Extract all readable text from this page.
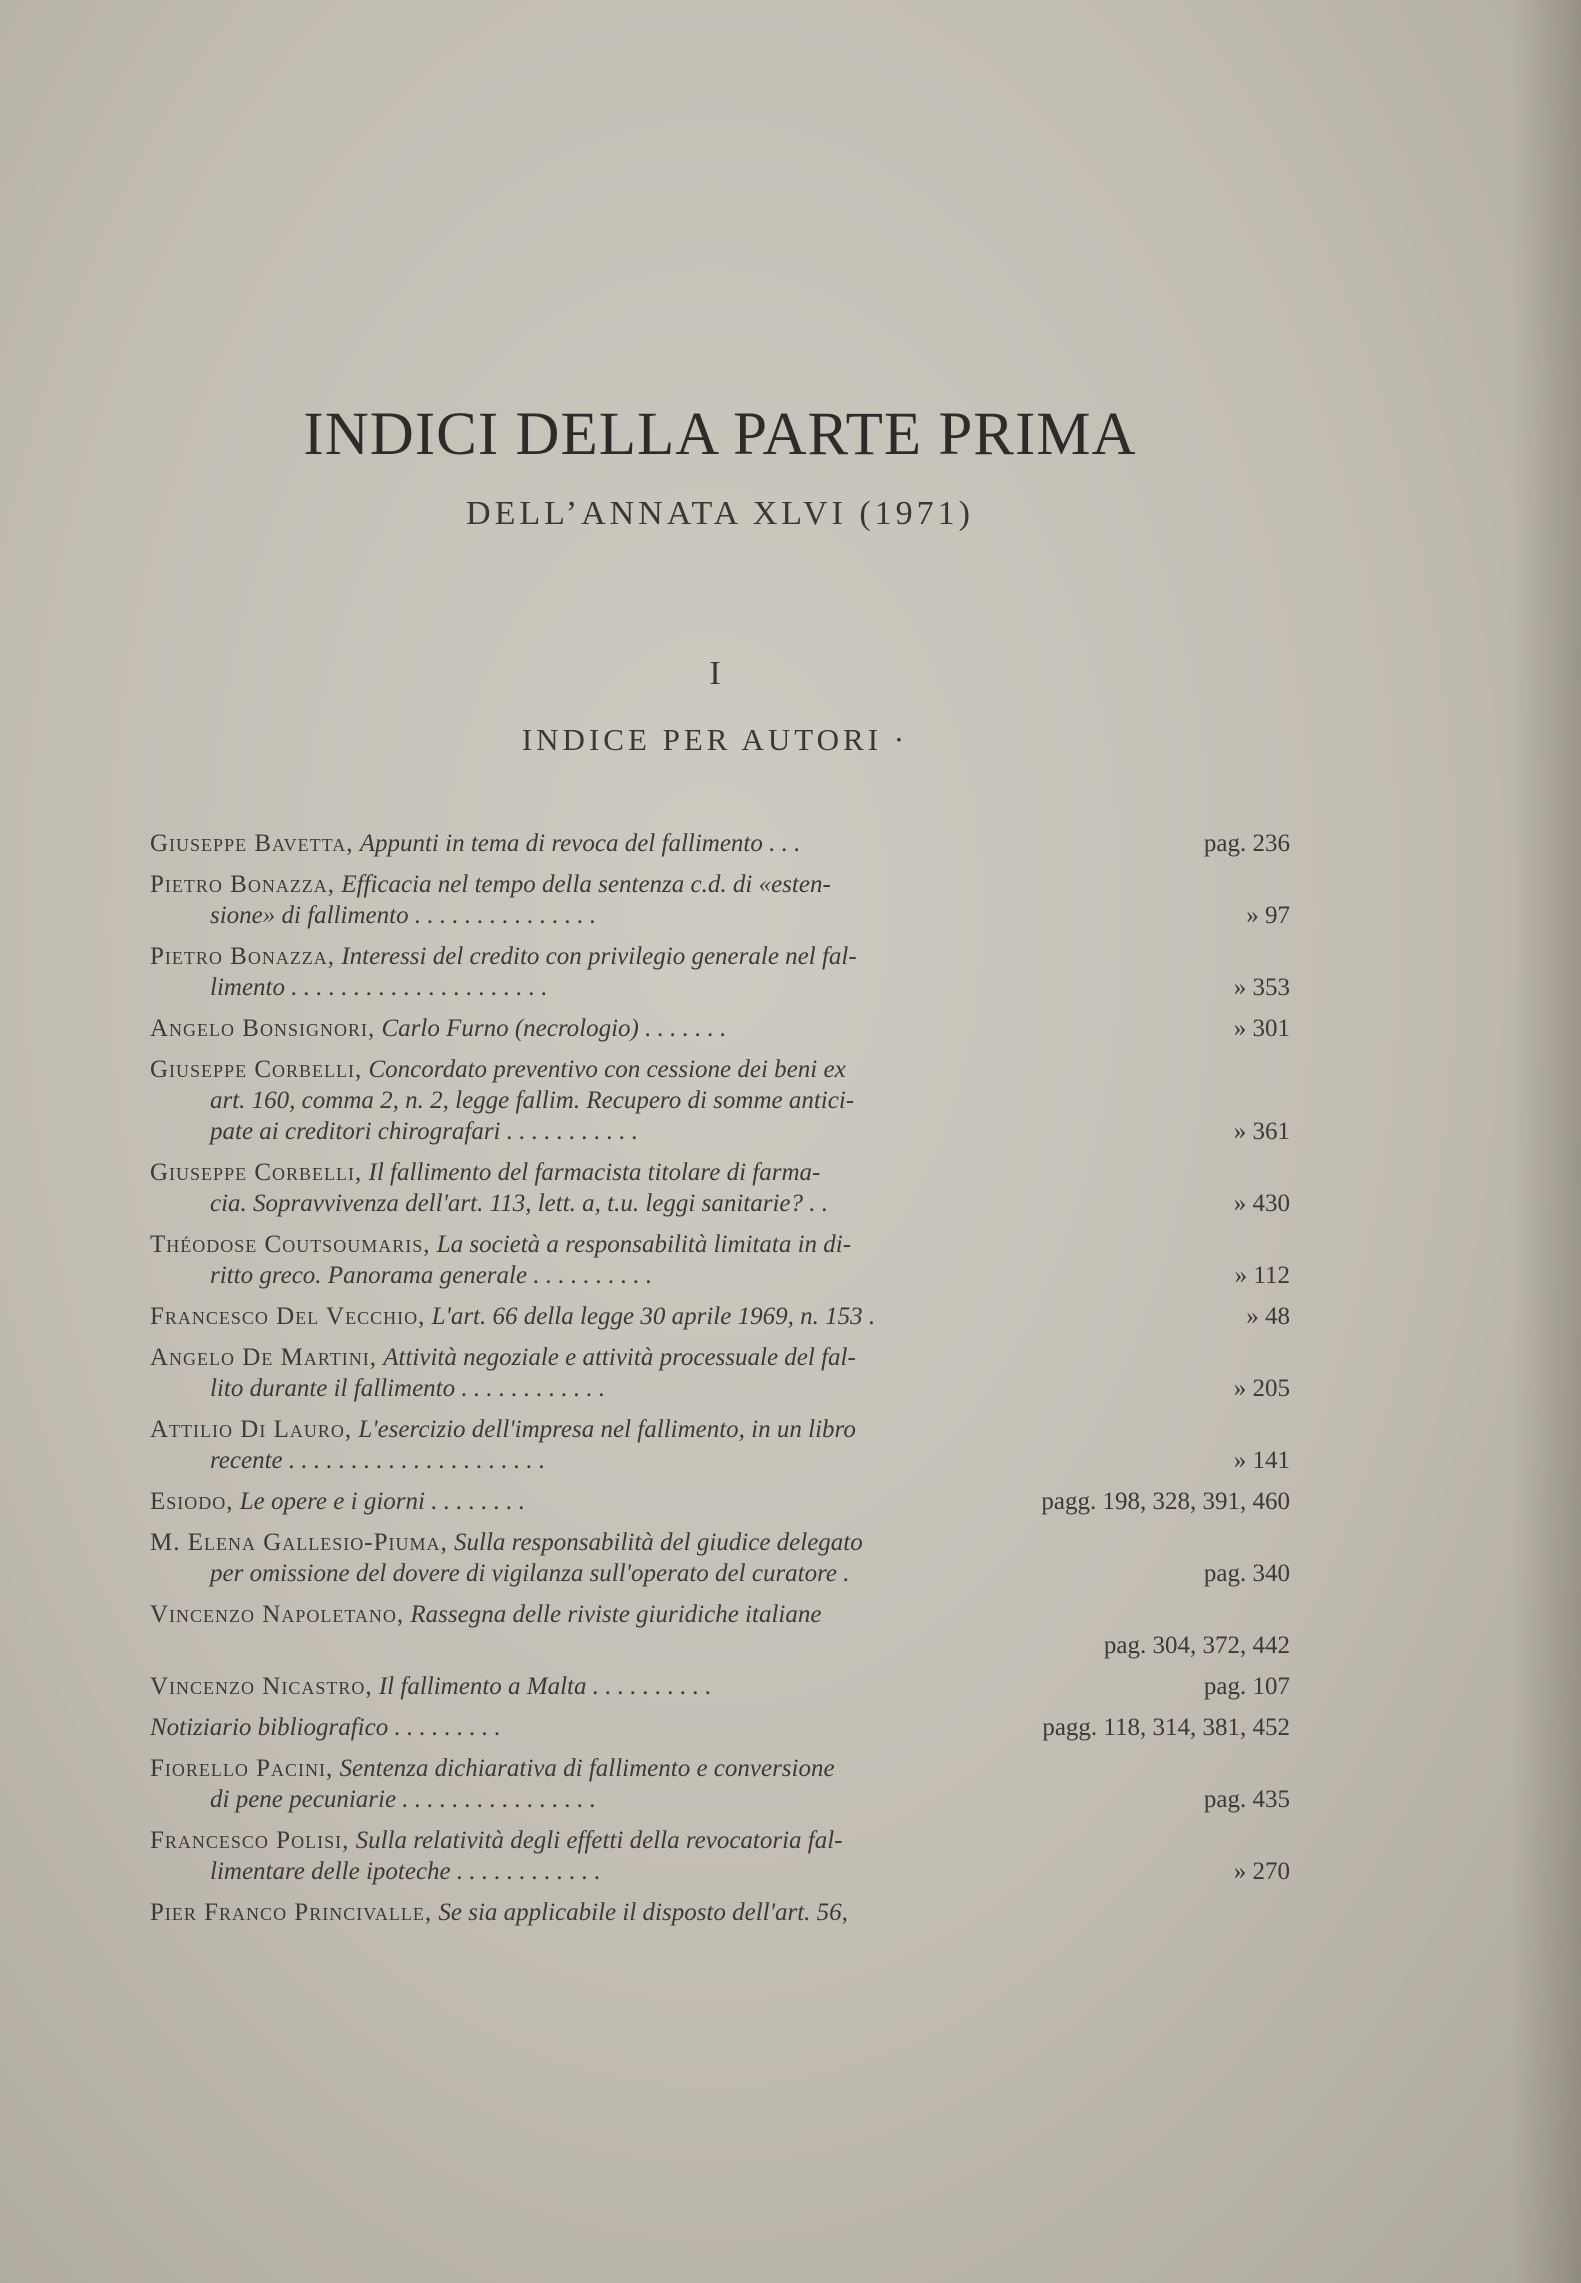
INDICI DELLA PARTE PRIMA
DELL’ANNATA XLVI (1971)
I
INDICE PER AUTORI ·
Giuseppe Bavetta, Appunti in tema di revoca del fallimento . . .	pag. 236
Pietro Bonazza, Efficacia nel tempo della sentenza c.d. di «esten-
sione» di fallimento . . . . . . . . . . . . . . .	» 97
Pietro Bonazza, Interessi del credito con privilegio generale nel fal-
limento . . . . . . . . . . . . . . . . . . . . .	» 353
Angelo Bonsignori, Carlo Furno (necrologio) . . . . . . .	» 301
Giuseppe Corbelli, Concordato preventivo con cessione dei beni ex
art. 160, comma 2, n. 2, legge fallim. Recupero di somme antici-
pate ai creditori chirografari . . . . . . . . . . .	» 361
Giuseppe Corbelli, Il fallimento del farmacista titolare di farma-
cia. Sopravvivenza dell'art. 113, lett. a, t.u. leggi sanitarie? . .	» 430
Théodose Coutsoumaris, La società a responsabilità limitata in di-
ritto greco. Panorama generale . . . . . . . . . .	» 112
Francesco Del Vecchio, L'art. 66 della legge 30 aprile 1969, n. 153 .	» 48
Angelo De Martini, Attività negoziale e attività processuale del fal-
lito durante il fallimento . . . . . . . . . . . .	» 205
Attilio Di Lauro, L'esercizio dell'impresa nel fallimento, in un libro
recente . . . . . . . . . . . . . . . . . . . . .	» 141
Esiodo, Le opere e i giorni . . . . . . . .	pagg. 198, 328, 391, 460
M. Elena Gallesio-Piuma, Sulla responsabilità del giudice delegato
per omissione del dovere di vigilanza sull'operato del curatore .	pag. 340
Vincenzo Napoletano, Rassegna delle riviste giuridiche italiane
pag. 304, 372, 442
Vincenzo Nicastro, Il fallimento a Malta . . . . . . . . . .	pag. 107
Notiziario bibliografico . . . . . . . . .	pagg. 118, 314, 381, 452
Fiorello Pacini, Sentenza dichiarativa di fallimento e conversione
di pene pecuniarie . . . . . . . . . . . . . . . .	pag. 435
Francesco Polisi, Sulla relatività degli effetti della revocatoria fal-
limentare delle ipoteche . . . . . . . . . . . .	» 270
Pier Franco Princivalle, Se sia applicabile il disposto dell'art. 56,
